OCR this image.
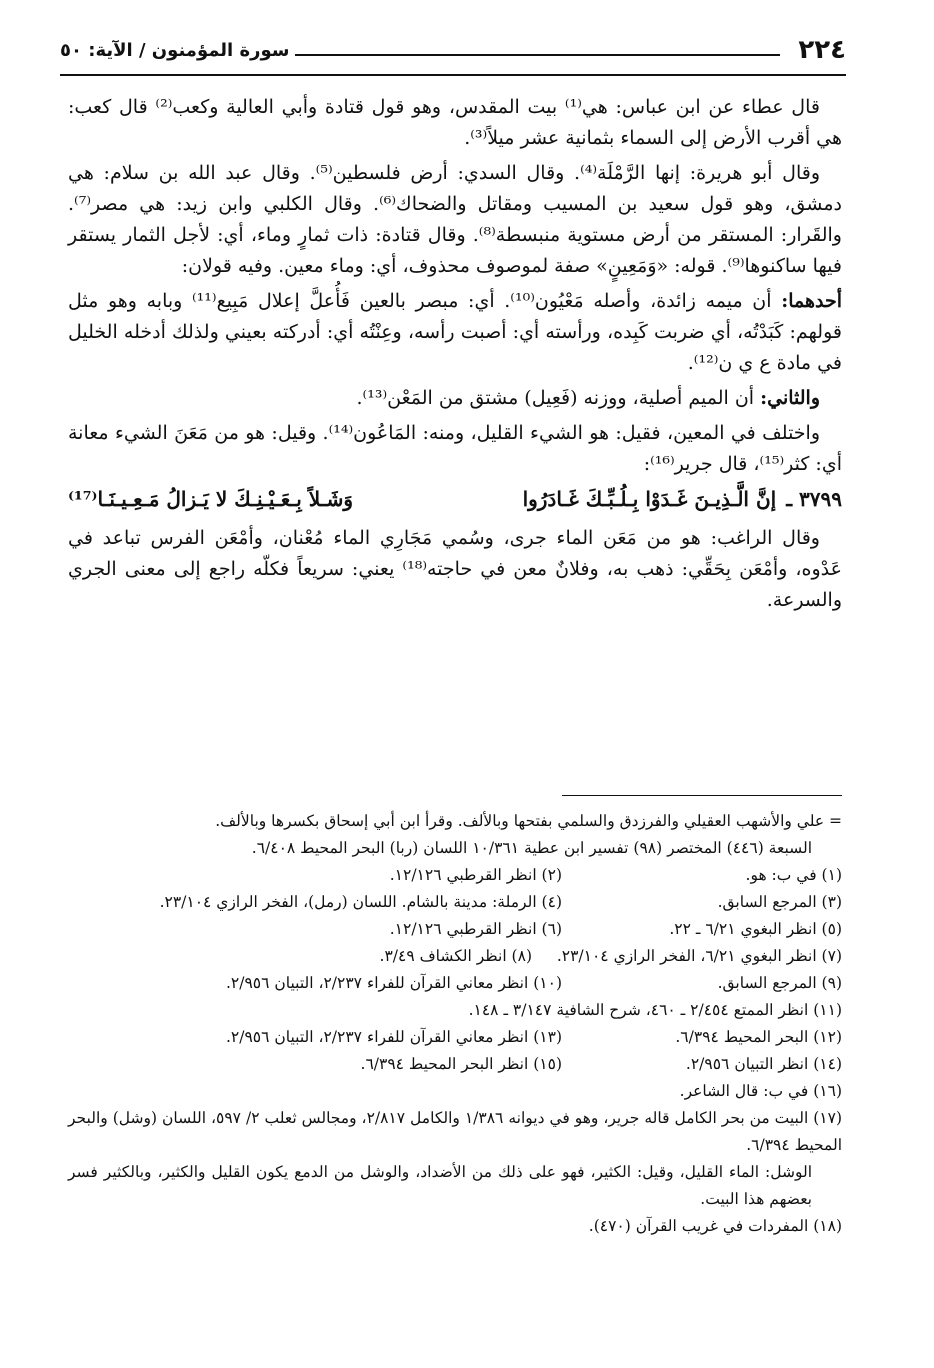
٢٢٤
سورة المؤمنون / الآية: ٥٠

قال عطاء عن ابن عباس: هي⁽¹⁾ بيت المقدس، وهو قول قتادة وأبي العالية وكعب⁽²⁾ قال كعب: هي أقرب الأرض إلى السماء بثمانية عشر ميلاً⁽³⁾.

وقال أبو هريرة: إنها الرَّمْلَة⁽⁴⁾. وقال السدي: أرض فلسطين⁽⁵⁾. وقال عبد الله بن سلام: هي دمشق، وهو قول سعيد بن المسيب ومقاتل والضحاك⁽⁶⁾. وقال الكلبي وابن زيد: هي مصر⁽⁷⁾. والقَرار: المستقر من أرض مستوية منبسطة⁽⁸⁾. وقال قتادة: ذات ثمارٍ وماء، أي: لأجل الثمار يستقر فيها ساكنوها⁽⁹⁾. قوله: «وَمَعِينٍ» صفة لموصوف محذوف، أي: وماء معين. وفيه قولان:

أحدهما: أن ميمه زائدة، وأصله مَعْيُون⁽¹⁰⁾. أي: مبصر بالعين فَأُعلَّ إعلال مَبِيع⁽¹¹⁾ وبابه وهو مثل قولهم: كَبَدْتُه، أي ضربت كَبِده، ورأسته أي: أصبت رأسه، وعِنْتُه أي: أدركته بعيني ولذلك أدخله الخليل في مادة ع ي ن⁽¹²⁾.

والثاني: أن الميم أصلية، ووزنه (فَعِيل) مشتق من المَعْن⁽¹³⁾.

واختلف في المعين، فقيل: هو الشيء القليل، ومنه: المَاعُون⁽¹⁴⁾. وقيل: هو من مَعَنَ الشيء معانة أي: كثر⁽¹⁵⁾، قال جرير⁽¹⁶⁾:

٣٧٩٩ ـ
إنَّ الَّـذِيـنَ غَـدَوْا بِـلُـبِّـكَ غَـادَرُوا
وَشَـلاً بِـعَـيْـنِـكَ لا يَـزالُ مَـعِـيـنَـا⁽¹⁷⁾

وقال الراغب: هو من مَعَن الماء جرى، وسُمي مَجَارِي الماء مُعْنان، وأمْعَن الفرس تباعد في عَدْوه، وأمْعَن بِحَقِّي: ذهب به، وفلانٌ معن في حاجته⁽¹⁸⁾ يعني: سريعاً فكلّه راجع إلى معنى الجري والسرعة.

= علي والأشهب العقيلي والفرزدق والسلمي بفتحها وبالألف. وقرأ ابن أبي إسحاق بكسرها وبالألف.

السبعة (٤٤٦) المختصر (٩٨) تفسير ابن عطية ١٠/٣٦١ اللسان (ربا) البحر المحيط ٦/٤٠٨.

(١) في ب: هو.
(٢) انظر القرطبي ١٢/١٢٦.
(٣) المرجع السابق.
(٤) الرملة: مدينة بالشام. اللسان (رمل)، الفخر الرازي ٢٣/١٠٤.
(٥) انظر البغوي ٦/٢١ ـ ٢٢.
(٦) انظر القرطبي ١٢/١٢٦.
(٧) انظر البغوي ٦/٢١، الفخر الرازي ٢٣/١٠٤.
(٨) انظر الكشاف ٣/٤٩.
(٩) المرجع السابق.
(١٠) انظر معاني القرآن للفراء ٢/٢٣٧، التبيان ٢/٩٥٦.

(١١) انظر الممتع ٢/٤٥٤ ـ ٤٦٠، شرح الشافية ٣/١٤٧ ـ ١٤٨.

(١٢) البحر المحيط ٦/٣٩٤.
(١٣) انظر معاني القرآن للفراء ٢/٢٣٧، التبيان ٢/٩٥٦.
(١٤) انظر التبيان ٢/٩٥٦.
(١٥) انظر البحر المحيط ٦/٣٩٤.

(١٦) في ب: قال الشاعر.

(١٧) البيت من بحر الكامل قاله جرير، وهو في ديوانه ١/٣٨٦ والكامل ٢/٨١٧، ومجالس ثعلب ٢/ ٥٩٧، اللسان (وشل) والبحر المحيط ٦/٣٩٤.

الوشل: الماء القليل، وقيل: الكثير، فهو على ذلك من الأضداد، والوشل من الدمع يكون القليل والكثير، وبالكثير فسر بعضهم هذا البيت.

(١٨) المفردات في غريب القرآن (٤٧٠).
